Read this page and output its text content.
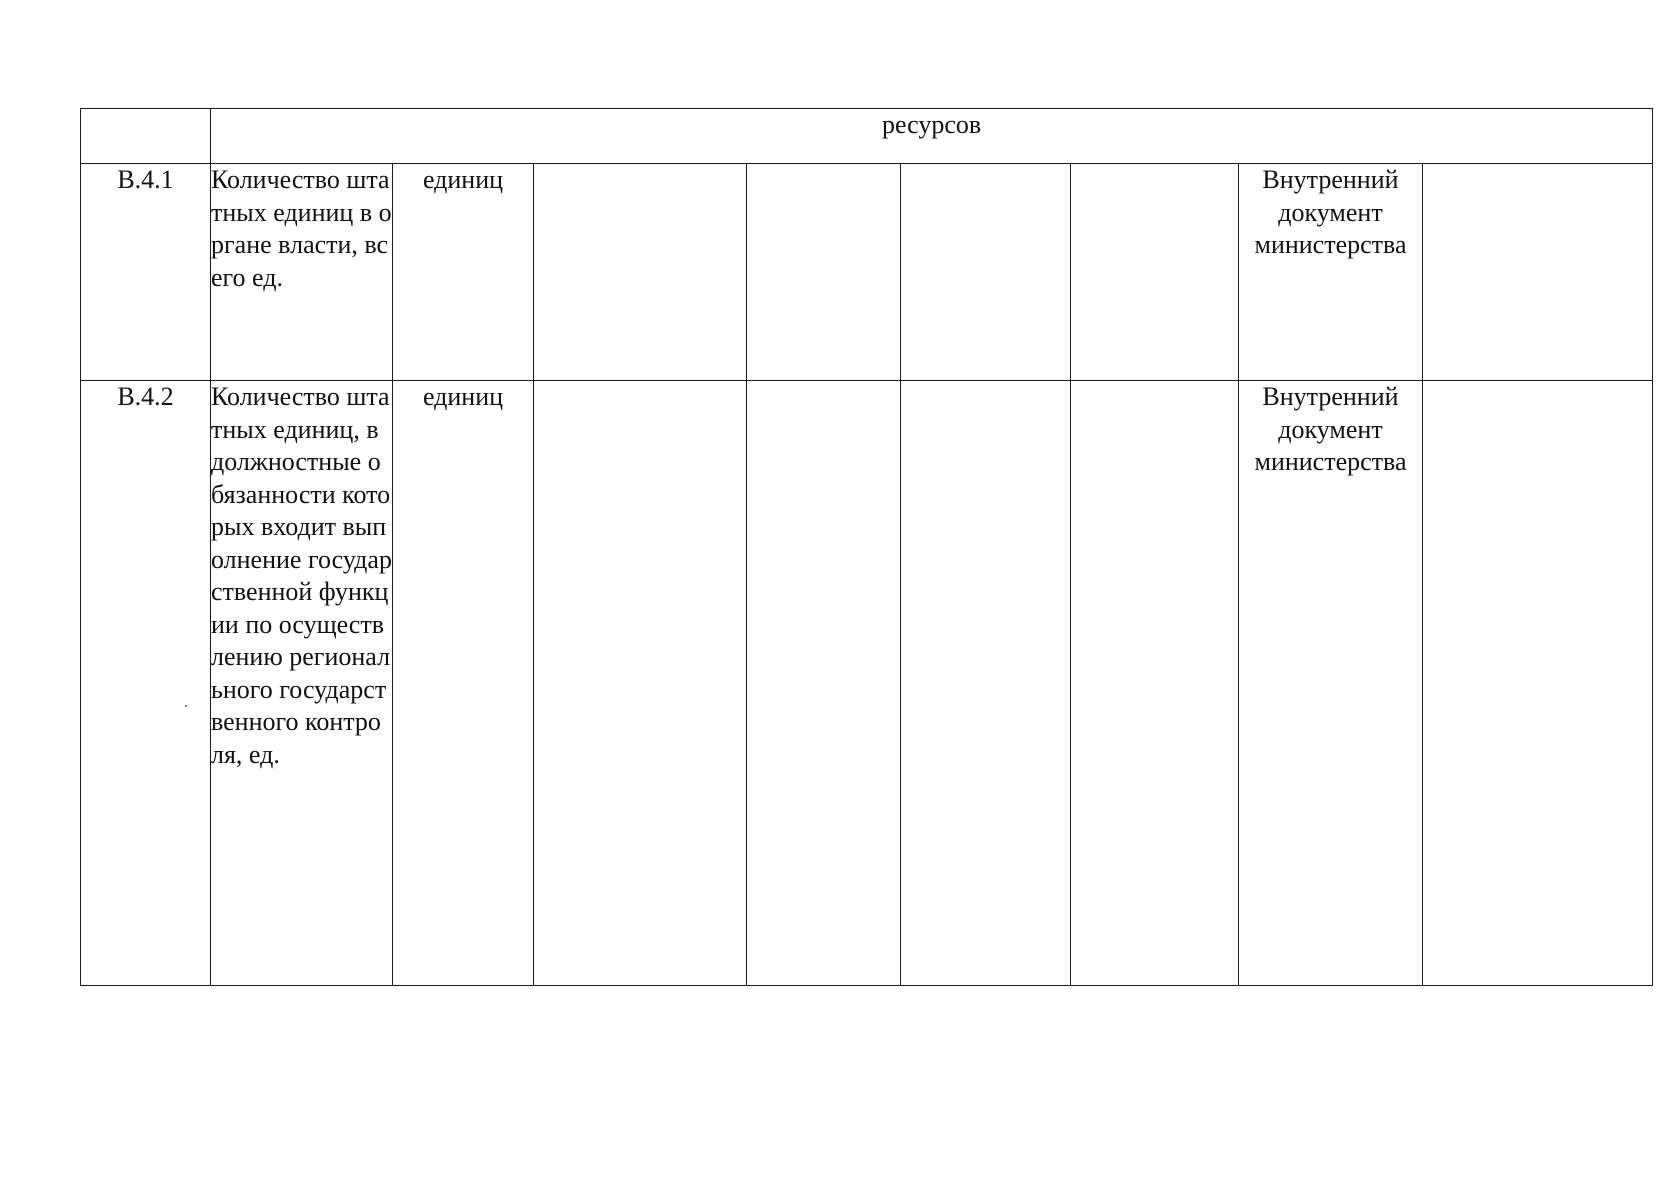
	ресурсов							
В.4.1	Количество штатных единиц в органе власти, всего ед.	единиц					Внутренний документ министерства	
В.4.2	Количество штатных единиц, в должностные обязанности которых входит выполнение государственной функции по осуществлению регионального государственного контроля, ед.	единиц					Внутренний документ министерства	
